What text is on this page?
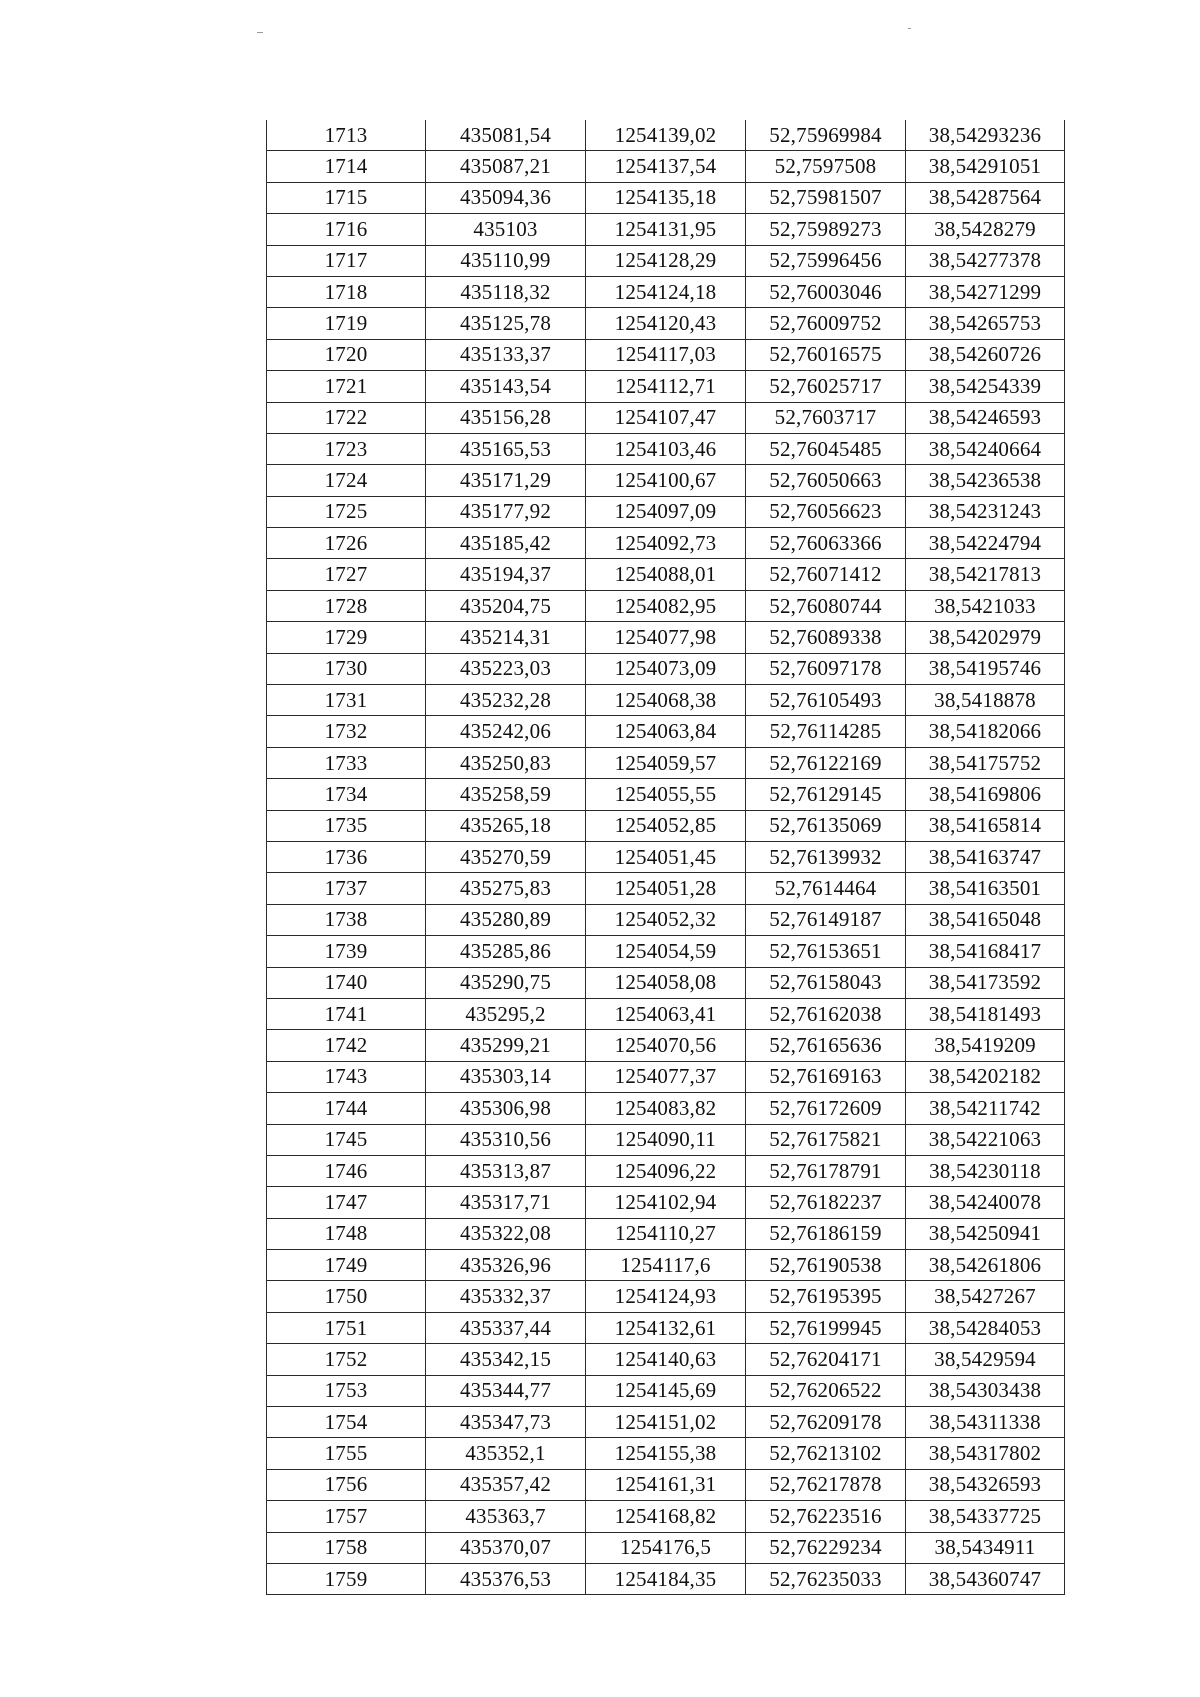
1713	435081,54	1254139,02	52,75969984	38,54293236
1714	435087,21	1254137,54	52,7597508	38,54291051
1715	435094,36	1254135,18	52,75981507	38,54287564
1716	435103	1254131,95	52,75989273	38,5428279
1717	435110,99	1254128,29	52,75996456	38,54277378
1718	435118,32	1254124,18	52,76003046	38,54271299
1719	435125,78	1254120,43	52,76009752	38,54265753
1720	435133,37	1254117,03	52,76016575	38,54260726
1721	435143,54	1254112,71	52,76025717	38,54254339
1722	435156,28	1254107,47	52,7603717	38,54246593
1723	435165,53	1254103,46	52,76045485	38,54240664
1724	435171,29	1254100,67	52,76050663	38,54236538
1725	435177,92	1254097,09	52,76056623	38,54231243
1726	435185,42	1254092,73	52,76063366	38,54224794
1727	435194,37	1254088,01	52,76071412	38,54217813
1728	435204,75	1254082,95	52,76080744	38,5421033
1729	435214,31	1254077,98	52,76089338	38,54202979
1730	435223,03	1254073,09	52,76097178	38,54195746
1731	435232,28	1254068,38	52,76105493	38,5418878
1732	435242,06	1254063,84	52,76114285	38,54182066
1733	435250,83	1254059,57	52,76122169	38,54175752
1734	435258,59	1254055,55	52,76129145	38,54169806
1735	435265,18	1254052,85	52,76135069	38,54165814
1736	435270,59	1254051,45	52,76139932	38,54163747
1737	435275,83	1254051,28	52,7614464	38,54163501
1738	435280,89	1254052,32	52,76149187	38,54165048
1739	435285,86	1254054,59	52,76153651	38,54168417
1740	435290,75	1254058,08	52,76158043	38,54173592
1741	435295,2	1254063,41	52,76162038	38,54181493
1742	435299,21	1254070,56	52,76165636	38,5419209
1743	435303,14	1254077,37	52,76169163	38,54202182
1744	435306,98	1254083,82	52,76172609	38,54211742
1745	435310,56	1254090,11	52,76175821	38,54221063
1746	435313,87	1254096,22	52,76178791	38,54230118
1747	435317,71	1254102,94	52,76182237	38,54240078
1748	435322,08	1254110,27	52,76186159	38,54250941
1749	435326,96	1254117,6	52,76190538	38,54261806
1750	435332,37	1254124,93	52,76195395	38,5427267
1751	435337,44	1254132,61	52,76199945	38,54284053
1752	435342,15	1254140,63	52,76204171	38,5429594
1753	435344,77	1254145,69	52,76206522	38,54303438
1754	435347,73	1254151,02	52,76209178	38,54311338
1755	435352,1	1254155,38	52,76213102	38,54317802
1756	435357,42	1254161,31	52,76217878	38,54326593
1757	435363,7	1254168,82	52,76223516	38,54337725
1758	435370,07	1254176,5	52,76229234	38,5434911
1759	435376,53	1254184,35	52,76235033	38,54360747
